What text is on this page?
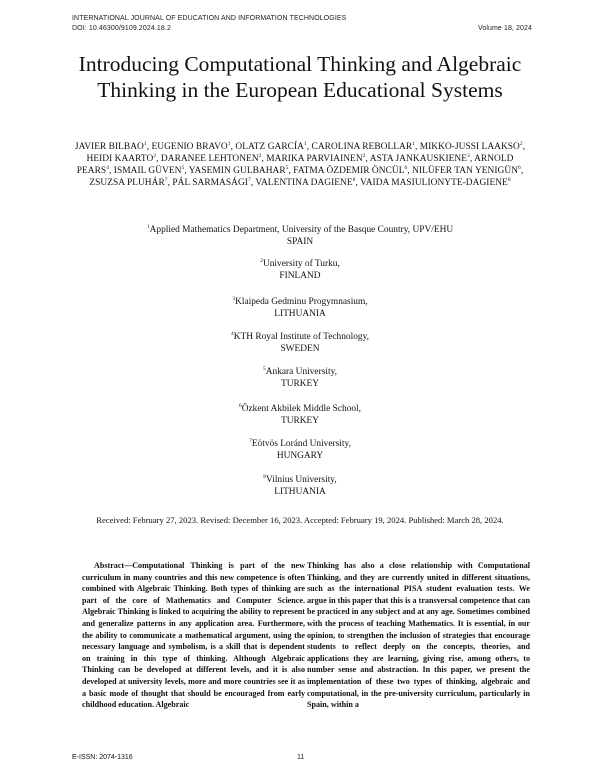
INTERNATIONAL JOURNAL OF EDUCATION AND INFORMATION TECHNOLOGIES
DOI: 10.46300/9109.2024.18.2	Volume 18, 2024
Introducing Computational Thinking and Algebraic Thinking in the European Educational Systems
JAVIER BILBAO$^1$, EUGENIO BRAVO$^1$, OLATZ GARCÍA$^1$, CAROLINA REBOLLAR$^1$, MIKKO-JUSSI LAAKSO$^2$, HEIDI KAARTO$^2$, DARANEE LEHTONEN$^2$, MARIKA PARVIAINEN$^2$, ASTA JANKAUSKIENE$^3$, ARNOLD PEARS$^4$, ISMAIL GÜVEN$^5$, YASEMIN GULBAHAR$^5$, FATMA ÖZDEMIR ÖNCÜL$^6$, NILÜFER TAN YENIGÜN$^6$, ZSUZSA PLUHÁR$^7$, PÁL SARMASÁGI$^7$, VALENTINA DAGIENE$^8$, VAIDA MASIULIONYTE-DAGIENE$^8$
$^1$Applied Mathematics Department, University of the Basque Country, UPV/EHU
SPAIN
$^2$University of Turku,
FINLAND
$^3$Klaipeda Gedminu Progymnasium,
LITHUANIA
$^4$KTH Royal Institute of Technology,
SWEDEN
$^5$Ankara University,
TURKEY
$^6$Özkent Akbilek Middle School,
TURKEY
$^7$Eötvös Loránd University,
HUNGARY
$^8$Vilnius University,
LITHUANIA
Received: February 27, 2023. Revised: December 16, 2023. Accepted: February 19, 2024. Published: March 28, 2024.
Abstract—Computational Thinking is part of the new curriculum in many countries and this new competence is often combined with Algebraic Thinking. Both types of thinking are part of the core of Mathematics and Computer Science. Algebraic Thinking is linked to acquiring the ability to represent and generalize patterns in any application area. Furthermore, the ability to communicate a mathematical argument, using the necessary language and symbolism, is a skill that is dependent on training in this type of thinking. Although Algebraic Thinking can be developed at different levels, and it is also developed at university levels, more and more countries see it as a basic mode of thought that should be encouraged from early childhood education. Algebraic
Thinking has also a close relationship with Computational Thinking, and they are currently united in different situations, such as the international PISA student evaluation tests. We argue in this paper that this is a transversal competence that can be practiced in any subject and at any age. Sometimes combined with the process of teaching Mathematics. It is essential, in our opinion, to strengthen the inclusion of strategies that encourage students to reflect deeply on the concepts, theories, and applications they are learning, giving rise, among others, to number sense and abstraction. In this paper, we present the implementation of these two types of thinking, algebraic and computational, in the pre-university curriculum, particularly in Spain, within a
E-ISSN: 2074-1316	11
